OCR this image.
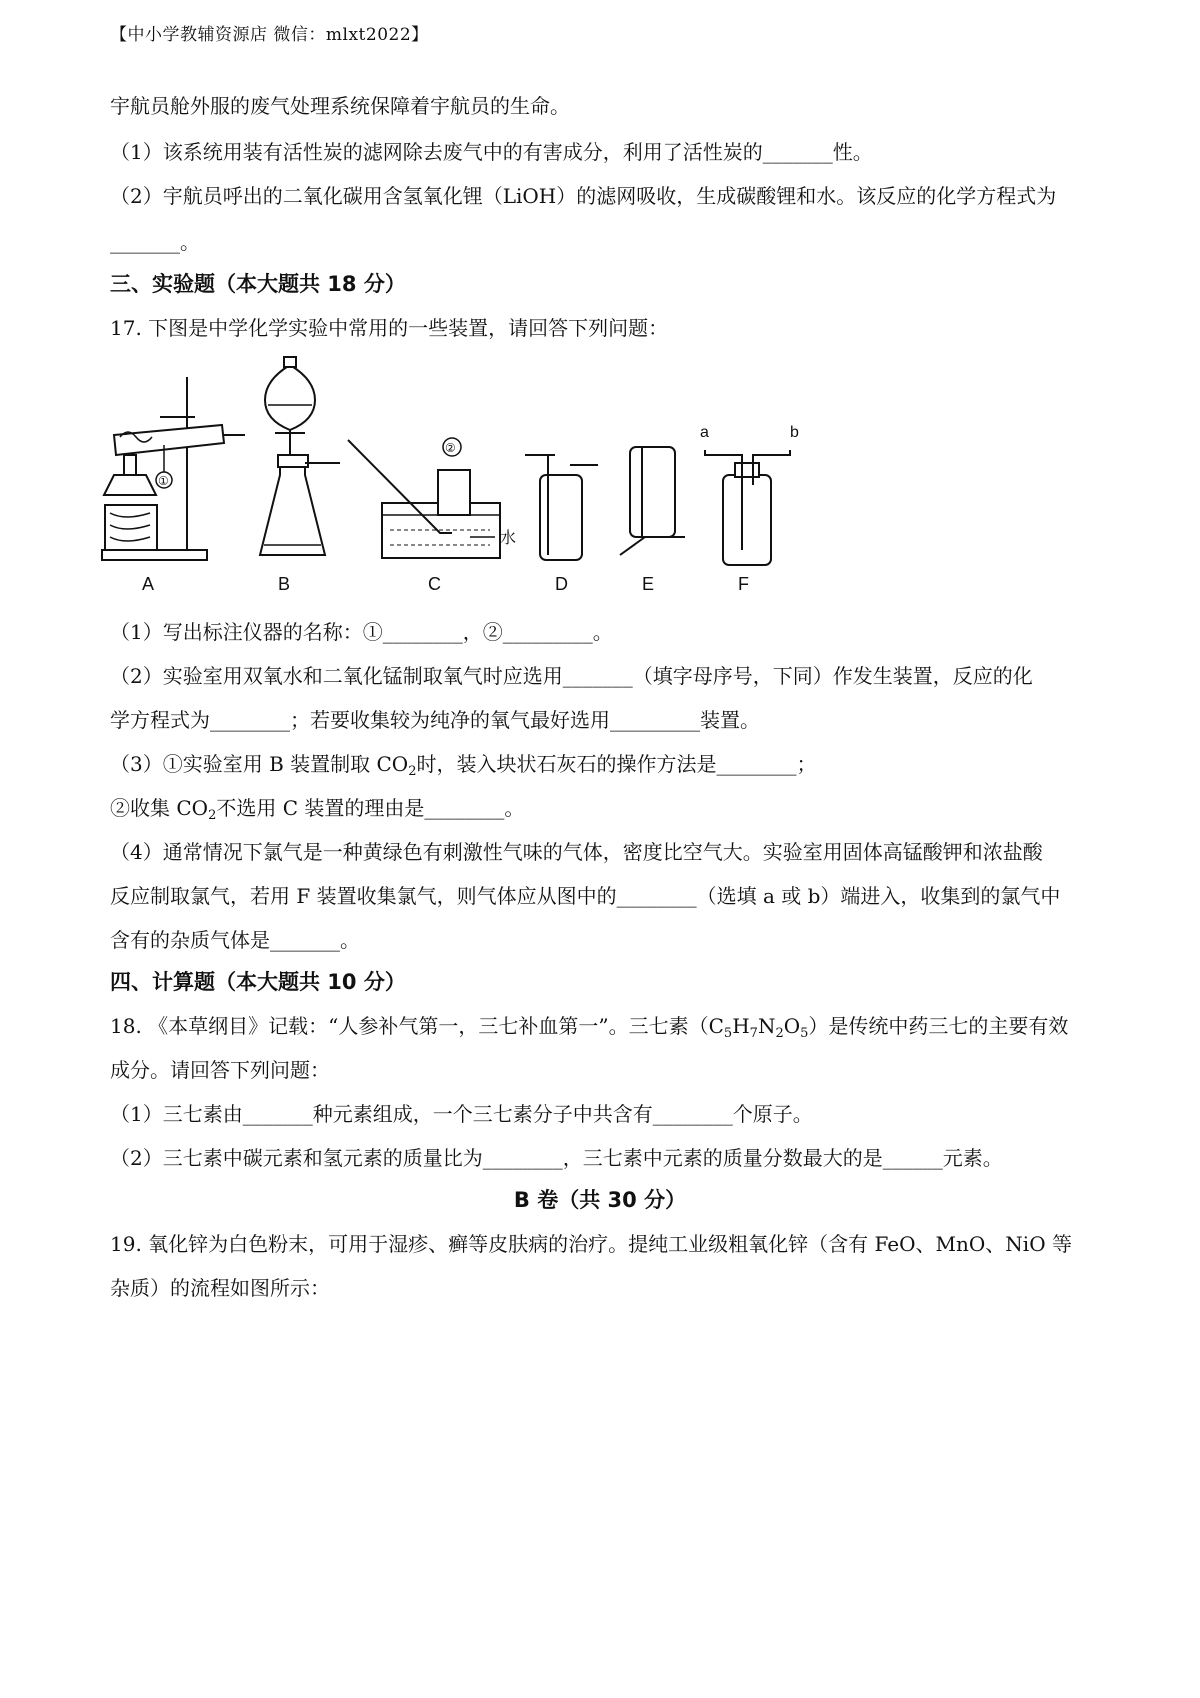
【中小学教辅资源店 微信：mlxt2022】
宇航员舱外服的废气处理系统保障着宇航员的生命。
（1）该系统用装有活性炭的滤网除去废气中的有害成分，利用了活性炭的_______性。
（2）宇航员呼出的二氧化碳用含氢氧化锂（LiOH）的滤网吸收，生成碳酸锂和水。该反应的化学方程式为
_______。
三、实验题（本大题共 18 分）
17. 下图是中学化学实验中常用的一些装置，请回答下列问题：
①
A
②
水
a	b
B	C	D	E	F
（1）写出标注仪器的名称：①________，②_________。
（2）实验室用双氧水和二氧化锰制取氧气时应选用_______（填字母序号，下同）作发生装置，反应的化
学方程式为________；若要收集较为纯净的氧气最好选用_________装置。
（3）①实验室用 B 装置制取 $CO_2$时，装入块状石灰石的操作方法是________；
②收集 $CO_2$不选用 C 装置的理由是________。
（4）通常情况下氯气是一种黄绿色有刺激性气味的气体，密度比空气大。实验室用固体高锰酸钾和浓盐酸
反应制取氯气，若用 F 装置收集氯气，则气体应从图中的________（选填 a 或 b）端进入，收集到的氯气中
含有的杂质气体是_______。
四、计算题（本大题共 10 分）
18. 《本草纲目》记载：“人参补气第一，三七补血第一”。三七素$(C_5H_7N_2O_5)$是传统中药三七的主要有效
成分。请回答下列问题：
（1）三七素由_______种元素组成，一个三七素分子中共含有________个原子。
（2）三七素中碳元素和氢元素的质量比为________，三七素中元素的质量分数最大的是______元素。
B 卷（共 30 分）
19. 氧化锌为白色粉末，可用于湿疹、癣等皮肤病的治疗。提纯工业级粗氧化锌（含有 FeO、MnO、NiO 等
杂质）的流程如图所示：
